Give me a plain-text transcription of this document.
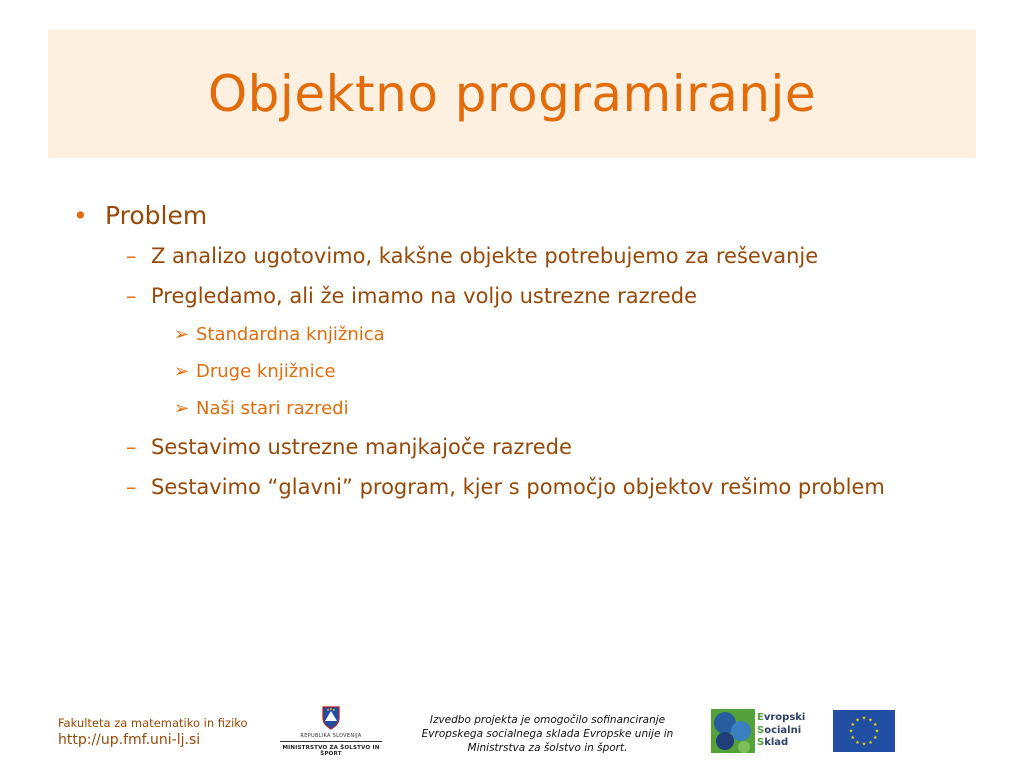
Objektno programiranje
• Problem
– Z analizo ugotovimo, kakšne objekte potrebujemo za reševanje
– Pregledamo, ali že imamo na voljo ustrezne razrede
➢ Standardna knjižnica
➢ Druge knjižnice
➢ Naši stari razredi
– Sestavimo ustrezne manjkajoče razrede
– Sestavimo “glavni” program, kjer s pomočjo objektov rešimo problem
Fakulteta za matematiko in fiziko
http://up.fmf.uni-lj.si	REPUBLIKA SLOVENIJA
MINISTRSTVO ZA ŠOLSTVO IN ŠPORT
Izvedbo projekta je omogočilo sofinanciranje Evropskega socialnega sklada Evropske unije in Ministrstva za šolstvo in šport.
Evropski
Socialni
Sklad
★ ★
★
★
★
★
★
★
★
★
★
★
